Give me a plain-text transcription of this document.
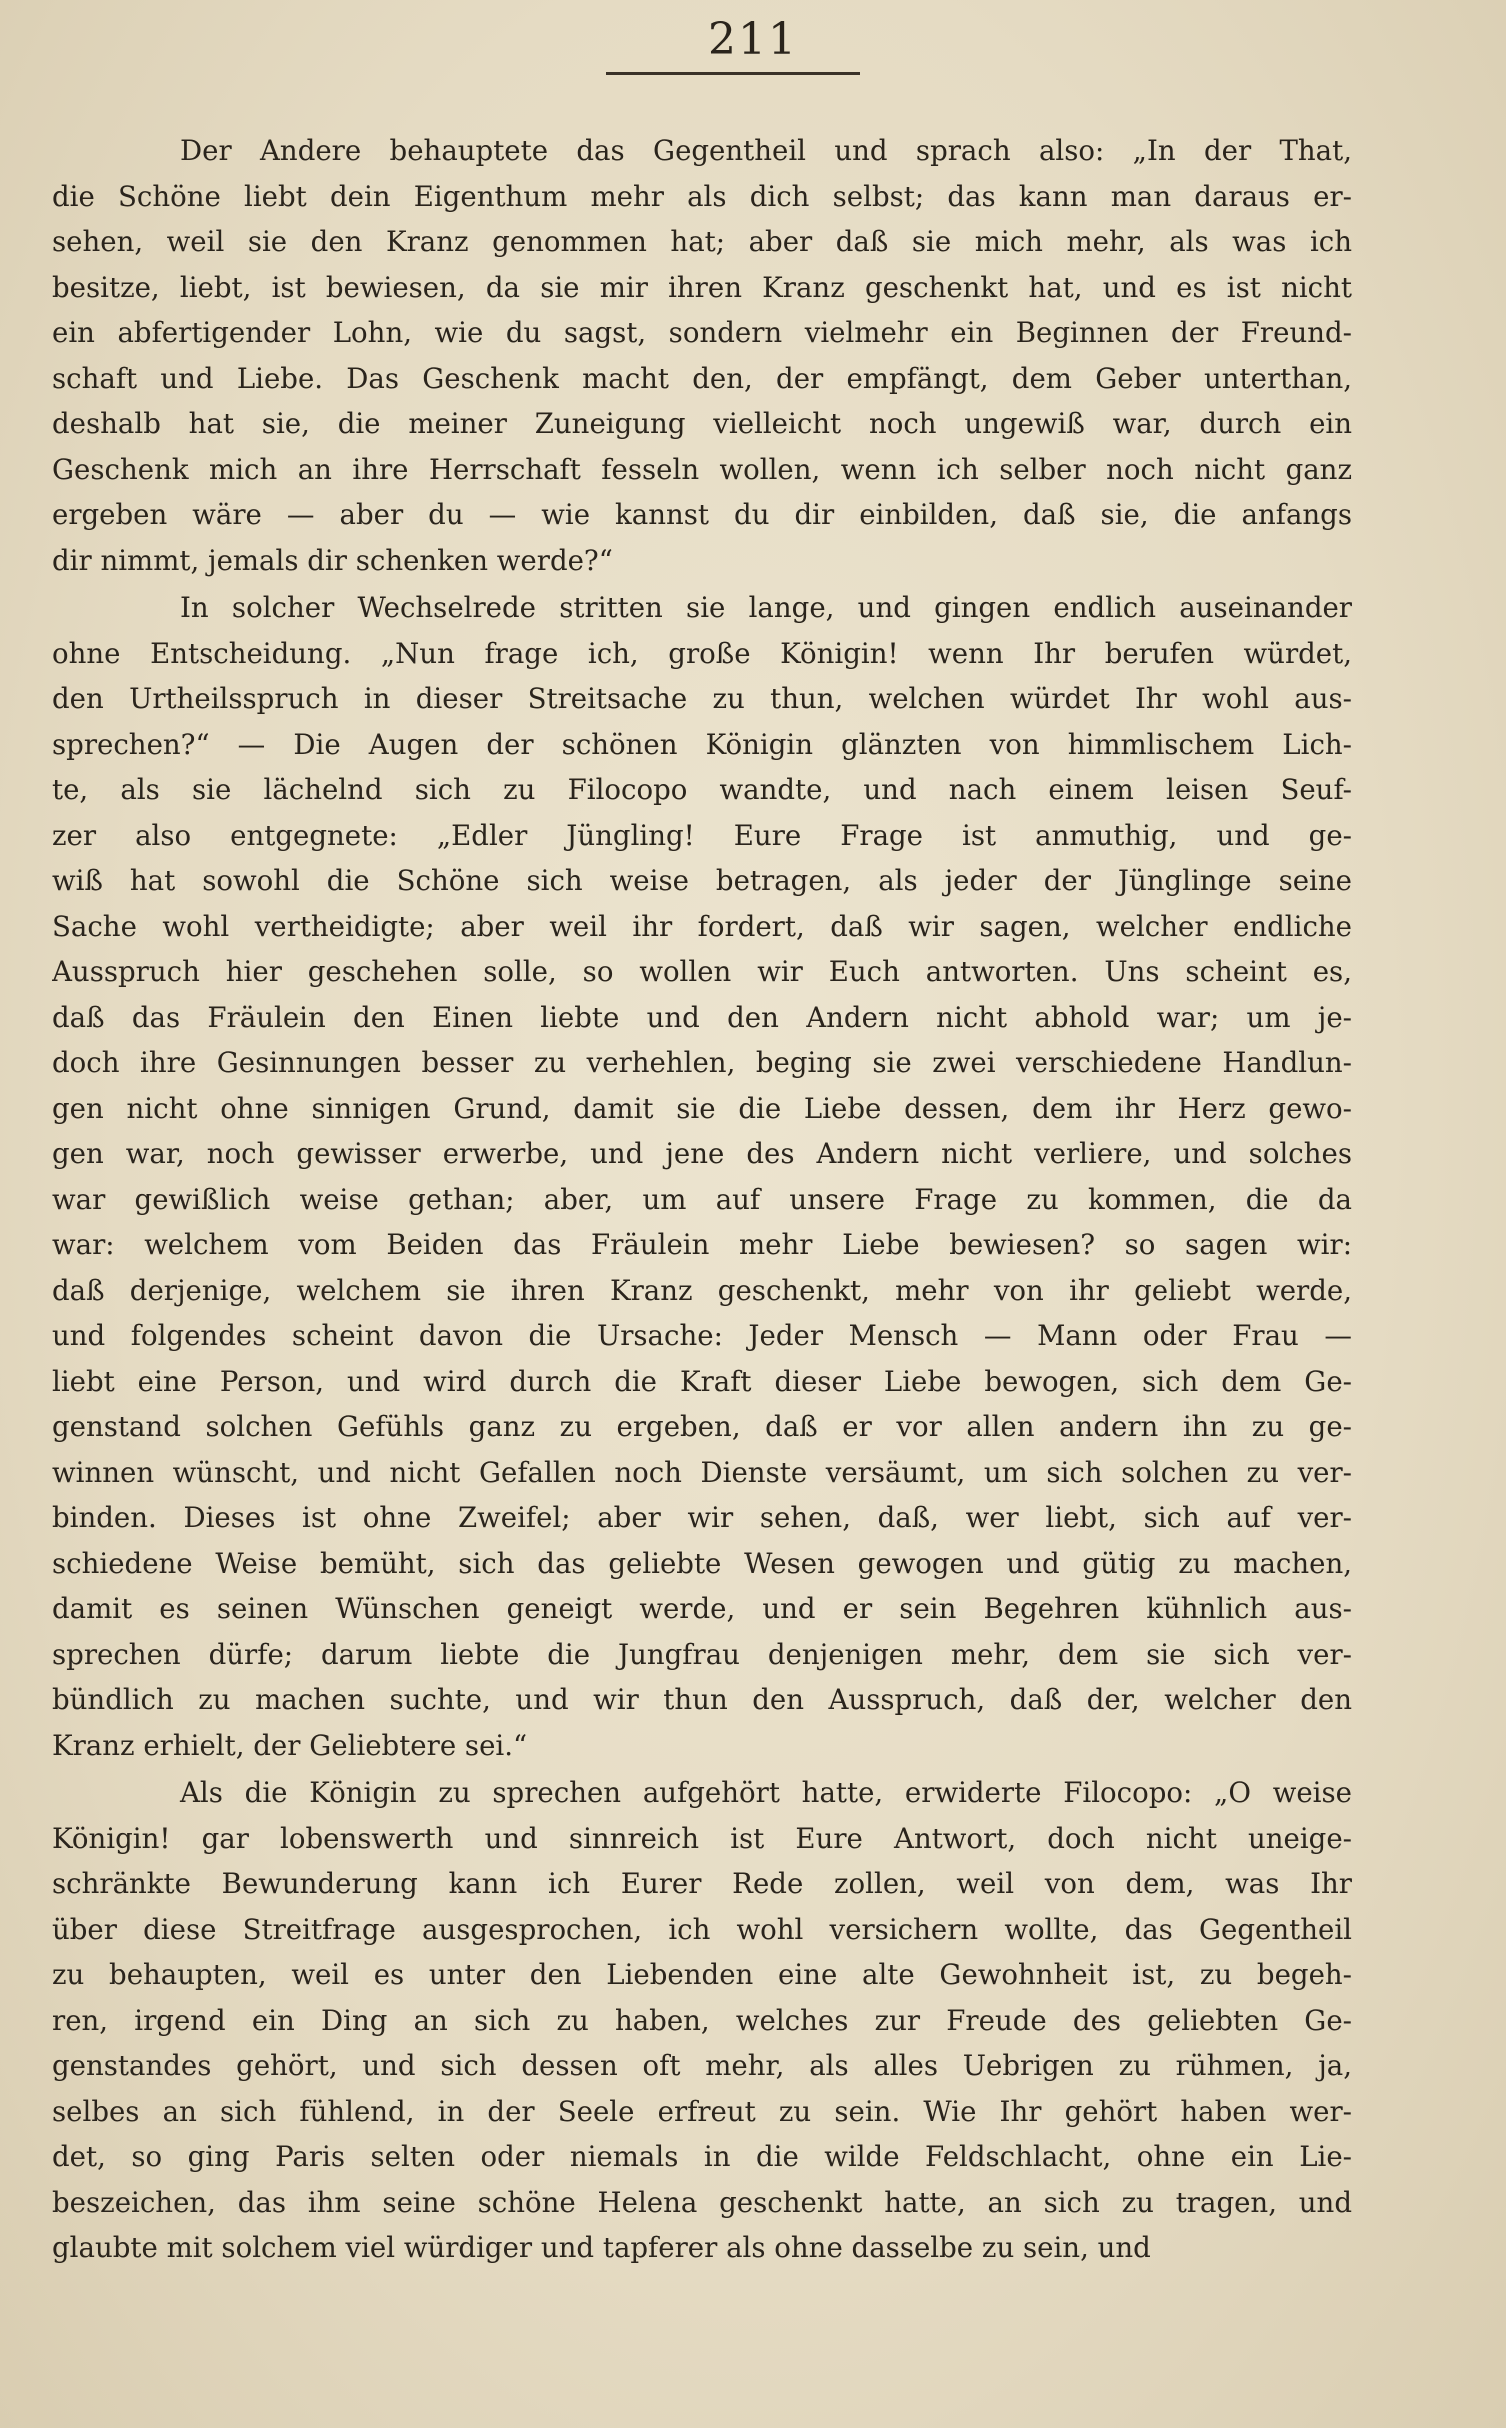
211
Der Andere behauptete das Gegentheil und sprach also: „In der That,
die Schöne liebt dein Eigenthum mehr als dich selbst; das kann man daraus er-
sehen, weil sie den Kranz genommen hat; aber daß sie mich mehr, als was ich
besitze, liebt, ist bewiesen, da sie mir ihren Kranz geschenkt hat, und es ist nicht
ein abfertigender Lohn, wie du sagst, sondern vielmehr ein Beginnen der Freund-
schaft und Liebe. Das Geschenk macht den, der empfängt, dem Geber unterthan,
deshalb hat sie, die meiner Zuneigung vielleicht noch ungewiß war, durch ein
Geschenk mich an ihre Herrschaft fesseln wollen, wenn ich selber noch nicht ganz
ergeben wäre — aber du — wie kannst du dir einbilden, daß sie, die anfangs
dir nimmt, jemals dir schenken werde?“
In solcher Wechselrede stritten sie lange, und gingen endlich auseinander
ohne Entscheidung. „Nun frage ich, große Königin! wenn Ihr berufen würdet,
den Urtheilsspruch in dieser Streitsache zu thun, welchen würdet Ihr wohl aus-
sprechen?“ — Die Augen der schönen Königin glänzten von himmlischem Lich-
te, als sie lächelnd sich zu Filocopo wandte, und nach einem leisen Seuf-
zer also entgegnete: „Edler Jüngling! Eure Frage ist anmuthig, und ge-
wiß hat sowohl die Schöne sich weise betragen, als jeder der Jünglinge seine
Sache wohl vertheidigte; aber weil ihr fordert, daß wir sagen, welcher endliche
Ausspruch hier geschehen solle, so wollen wir Euch antworten. Uns scheint es,
daß das Fräulein den Einen liebte und den Andern nicht abhold war; um je-
doch ihre Gesinnungen besser zu verhehlen, beging sie zwei verschiedene Handlun-
gen nicht ohne sinnigen Grund, damit sie die Liebe dessen, dem ihr Herz gewo-
gen war, noch gewisser erwerbe, und jene des Andern nicht verliere, und solches
war gewißlich weise gethan; aber, um auf unsere Frage zu kommen, die da
war: welchem vom Beiden das Fräulein mehr Liebe bewiesen? so sagen wir:
daß derjenige, welchem sie ihren Kranz geschenkt, mehr von ihr geliebt werde,
und folgendes scheint davon die Ursache: Jeder Mensch — Mann oder Frau —
liebt eine Person, und wird durch die Kraft dieser Liebe bewogen, sich dem Ge-
genstand solchen Gefühls ganz zu ergeben, daß er vor allen andern ihn zu ge-
winnen wünscht, und nicht Gefallen noch Dienste versäumt, um sich solchen zu ver-
binden. Dieses ist ohne Zweifel; aber wir sehen, daß, wer liebt, sich auf ver-
schiedene Weise bemüht, sich das geliebte Wesen gewogen und gütig zu machen,
damit es seinen Wünschen geneigt werde, und er sein Begehren kühnlich aus-
sprechen dürfe; darum liebte die Jungfrau denjenigen mehr, dem sie sich ver-
bündlich zu machen suchte, und wir thun den Ausspruch, daß der, welcher den
Kranz erhielt, der Geliebtere sei.“
Als die Königin zu sprechen aufgehört hatte, erwiderte Filocopo: „O weise
Königin! gar lobenswerth und sinnreich ist Eure Antwort, doch nicht uneige-
schränkte Bewunderung kann ich Eurer Rede zollen, weil von dem, was Ihr
über diese Streitfrage ausgesprochen, ich wohl versichern wollte, das Gegentheil
zu behaupten, weil es unter den Liebenden eine alte Gewohnheit ist, zu begeh-
ren, irgend ein Ding an sich zu haben, welches zur Freude des geliebten Ge-
genstandes gehört, und sich dessen oft mehr, als alles Uebrigen zu rühmen, ja,
selbes an sich fühlend, in der Seele erfreut zu sein. Wie Ihr gehört haben wer-
det, so ging Paris selten oder niemals in die wilde Feldschlacht, ohne ein Lie-
beszeichen, das ihm seine schöne Helena geschenkt hatte, an sich zu tragen, und
glaubte mit solchem viel würdiger und tapferer als ohne dasselbe zu sein, und
